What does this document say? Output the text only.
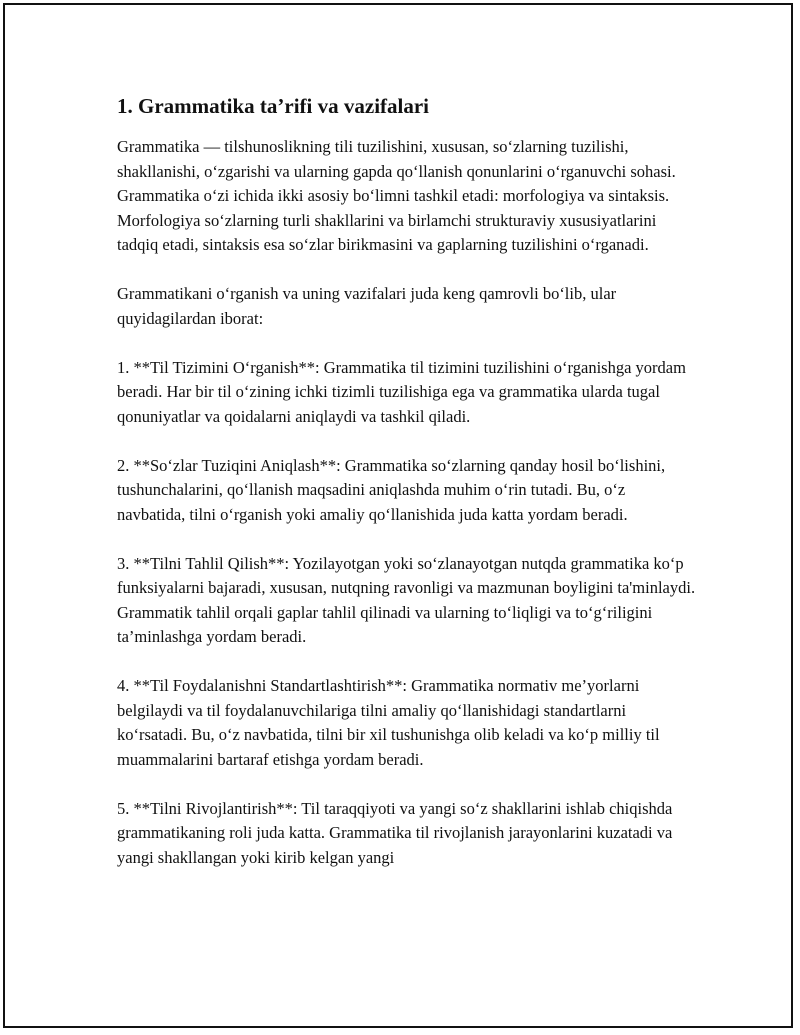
1. Grammatika ta’rifi va vazifalari

Grammatika — tilshunoslikning tili tuzilishini, xususan, so‘zlarning tuzilishi, shakllanishi, o‘zgarishi va ularning gapda qo‘llanish qonunlarini o‘rganuvchi sohasi. Grammatika o‘zi ichida ikki asosiy bo‘limni tashkil etadi: morfologiya va sintaksis. Morfologiya so‘zlarning turli shakllarini va birlamchi strukturaviy xususiyatlarini tadqiq etadi, sintaksis esa so‘zlar birikmasini va gaplarning tuzilishini o‘rganadi.

Grammatikani o‘rganish va uning vazifalari juda keng qamrovli bo‘lib, ular quyidagilardan iborat:

1. **Til Tizimini O‘rganish**: Grammatika til tizimini tuzilishini o‘rganishga yordam beradi. Har bir til o‘zining ichki tizimli tuzilishiga ega va grammatika ularda tugal qonuniyatlar va qoidalarni aniqlaydi va tashkil qiladi.

2. **So‘zlar Tuziqini Aniqlash**: Grammatika so‘zlarning qanday hosil bo‘lishini, tushunchalarini, qo‘llanish maqsadini aniqlashda muhim o‘rin tutadi. Bu, o‘z navbatida, tilni o‘rganish yoki amaliy qo‘llanishida juda katta yordam beradi.

3. **Tilni Tahlil Qilish**: Yozilayotgan yoki so‘zlanayotgan nutqda grammatika ko‘p funksiyalarni bajaradi, xususan, nutqning ravonligi va mazmunan boyligini ta'minlaydi. Grammatik tahlil orqali gaplar tahlil qilinadi va ularning to‘liqligi va to‘g‘riligini ta’minlashga yordam beradi.

4. **Til Foydalanishni Standartlashtirish**: Grammatika normativ me’yorlarni belgilaydi va til foydalanuvchilariga tilni amaliy qo‘llanishidagi standartlarni ko‘rsatadi. Bu, o‘z navbatida, tilni bir xil tushunishga olib keladi va ko‘p milliy til muammalarini bartaraf etishga yordam beradi.

5. **Tilni Rivojlantirish**: Til taraqqiyoti va yangi so‘z shakllarini ishlab chiqishda grammatikaning roli juda katta. Grammatika til rivojlanish jarayonlarini kuzatadi va yangi shakllangan yoki kirib kelgan yangi
